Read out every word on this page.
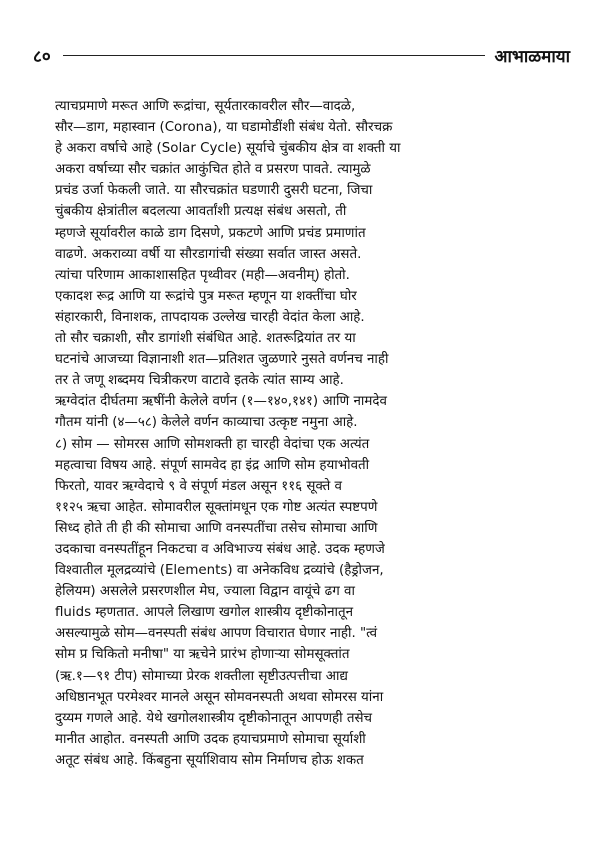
८०	आभाळमाया
त्याचप्रमाणे मरूत आणि रूद्रांचा, सूर्यतारकावरील सौर—वादळे,
सौर—डाग, महास्वान (Corona), या घडामोडींशी संबंध येतो. सौरचक्र
हे अकरा वर्षाचे आहे (Solar Cycle) सूर्याचे चुंबकीय क्षेत्र वा शक्ती या
अकरा वर्षाच्या सौर चक्रांत आकुंचित होते व प्रसरण पावते. त्यामुळे
प्रचंड उर्जा फेकली जाते. या सौरचक्रांत घडणारी दुसरी घटना, जिचा
चुंबकीय क्षेत्रांतील बदलत्या आवर्तांशी प्रत्यक्ष संबंध असतो, ती
म्हणजे सूर्यावरील काळे डाग दिसणे, प्रकटणे आणि प्रचंड प्रमाणांत
वाढणे. अकराव्या वर्षी या सौरडागांची संख्या सर्वात जास्त असते.
त्यांचा परिणाम आकाशासहित पृथ्वीवर (मही—अवनीम्) होतो.
एकादश रूद्र आणि या रूद्रांचे पुत्र मरूत म्हणून या शक्तींचा घोर
संहारकारी, विनाशक, तापदायक उल्लेख चारही वेदांत केला आहे.
तो सौर चक्राशी, सौर डागांशी संबंधित आहे. शतरूद्रियांत तर या
घटनांचे आजच्या विज्ञानाशी शत—प्रतिशत जुळणारे नुसते वर्णनच नाही
तर ते जणू शब्दमय चित्रीकरण वाटावे इतके त्यांत साम्य आहे.
ऋग्वेदांत दीर्घतमा ऋषींनी केलेले वर्णन (१—१४०,१४१) आणि नामदेव
गौतम यांनी (४—५८) केलेले वर्णन काव्याचा उत्कृष्ट नमुना आहे.
८) सोम — सोमरस आणि सोमशक्ती हा चारही वेदांचा एक अत्यंत
महत्वाचा विषय आहे. संपूर्ण सामवेद हा इंद्र आणि सोम हयाभोवती
फिरतो, यावर ऋग्वेदाचे ९ वे संपूर्ण मंडल असून ११६ सूक्ते व
११२५ ऋचा आहेत. सोमावरील सूक्तांमधून एक गोष्ट अत्यंत स्पष्टपणे
सिध्द होते ती ही की सोमाचा आणि वनस्पतींचा तसेच सोमाचा आणि
उदकाचा वनस्पतींहून निकटचा व अविभाज्य संबंध आहे. उदक म्हणजे
विश्वातील मूलद्रव्यांचे (Elements) वा अनेकविध द्रव्यांचे (हैड्रोजन,
हेलियम) असलेले प्रसरणशील मेघ, ज्याला विद्वान वायूंचे ढग वा
fluids म्हणतात. आपले लिखाण खगोल शास्त्रीय दृष्टीकोनातून
असल्यामुळे सोम—वनस्पती संबंध आपण विचारात घेणार नाही. "त्वं
सोम प्र चिकितो मनीषा" या ऋचेने प्रारंभ होणाऱ्या सोमसूक्तांत
(ऋ.१—९१ टीप) सोमाच्या प्रेरक शक्तीला सृष्टीउत्पत्तीचा आद्य
अधिष्ठानभूत परमेश्वर मानले असून सोमवनस्पती अथवा सोमरस यांना
दुय्यम गणले आहे. येथे खगोलशास्त्रीय दृष्टीकोनातून आपणही तसेच
मानीत आहोत. वनस्पती आणि उदक हयाचप्रमाणे सोमाचा सूर्याशी
अतूट संबंध आहे. किंबहुना सूर्याशिवाय सोम निर्माणच होऊ शकत
